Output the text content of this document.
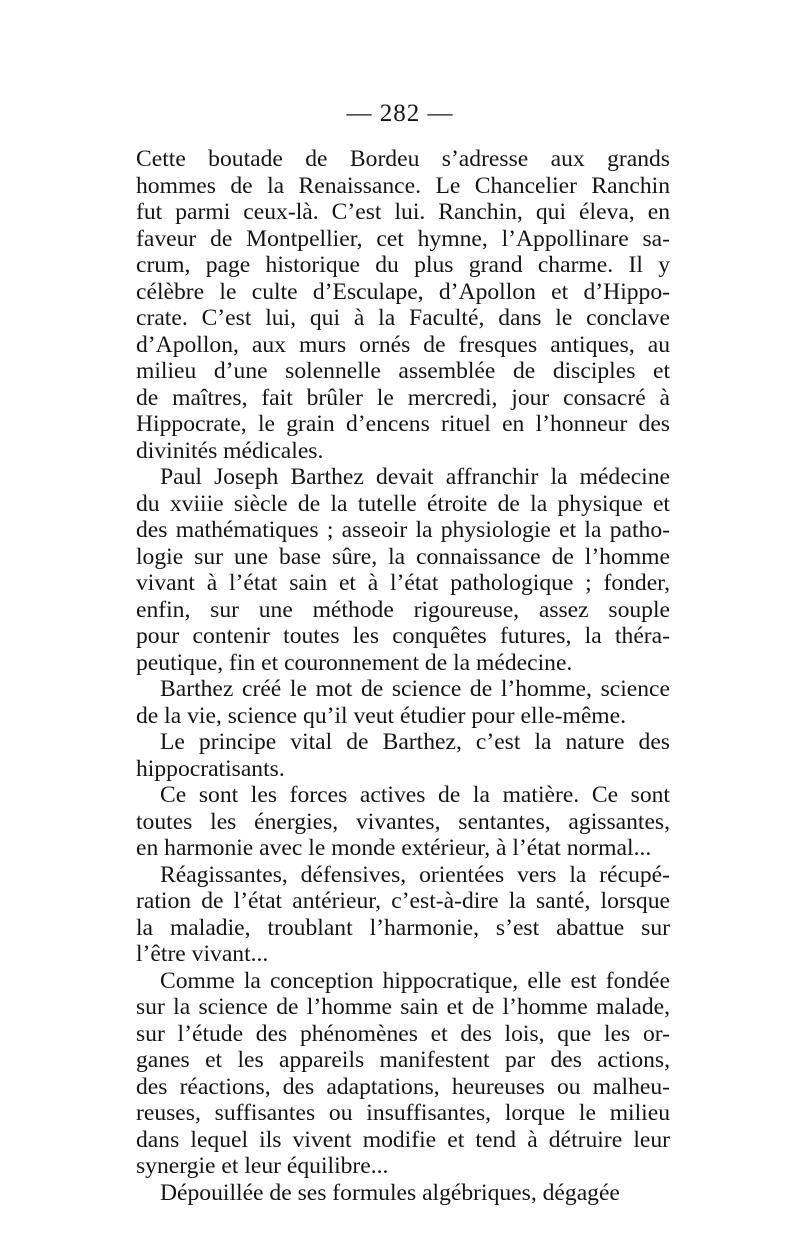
— 282 —
Cette boutade de Bordeu s’adresse aux grands
hommes de la Renaissance. Le Chancelier Ranchin
fut parmi ceux-là. C’est lui. Ranchin, qui éleva, en
faveur de Montpellier, cet hymne, l’Appollinare sa-
crum, page historique du plus grand charme. Il y
célèbre le culte d’Esculape, d’Apollon et d’Hippo-
crate. C’est lui, qui à la Faculté, dans le conclave
d’Apollon, aux murs ornés de fresques antiques, au
milieu d’une solennelle assemblée de disciples et
de maîtres, fait brûler le mercredi, jour consacré à
Hippocrate, le grain d’encens rituel en l’honneur des
divinités médicales.
Paul Joseph Barthez devait affranchir la médecine
du xviiie siècle de la tutelle étroite de la physique et
des mathématiques ; asseoir la physiologie et la patho-
logie sur une base sûre, la connaissance de l’homme
vivant à l’état sain et à l’état pathologique ; fonder,
enfin, sur une méthode rigoureuse, assez souple
pour contenir toutes les conquêtes futures, la théra-
peutique, fin et couronnement de la médecine.
Barthez créé le mot de science de l’homme, science
de la vie, science qu’il veut étudier pour elle-même.
Le principe vital de Barthez, c’est la nature des
hippocratisants.
Ce sont les forces actives de la matière. Ce sont
toutes les énergies, vivantes, sentantes, agissantes,
en harmonie avec le monde extérieur, à l’état normal...
Réagissantes, défensives, orientées vers la récupé-
ration de l’état antérieur, c’est-à-dire la santé, lorsque
la maladie, troublant l’harmonie, s’est abattue sur
l’être vivant...
Comme la conception hippocratique, elle est fondée
sur la science de l’homme sain et de l’homme malade,
sur l’étude des phénomènes et des lois, que les or-
ganes et les appareils manifestent par des actions,
des réactions, des adaptations, heureuses ou malheu-
reuses, suffisantes ou insuffisantes, lorque le milieu
dans lequel ils vivent modifie et tend à détruire leur
synergie et leur équilibre...
Dépouillée de ses formules algébriques, dégagée
